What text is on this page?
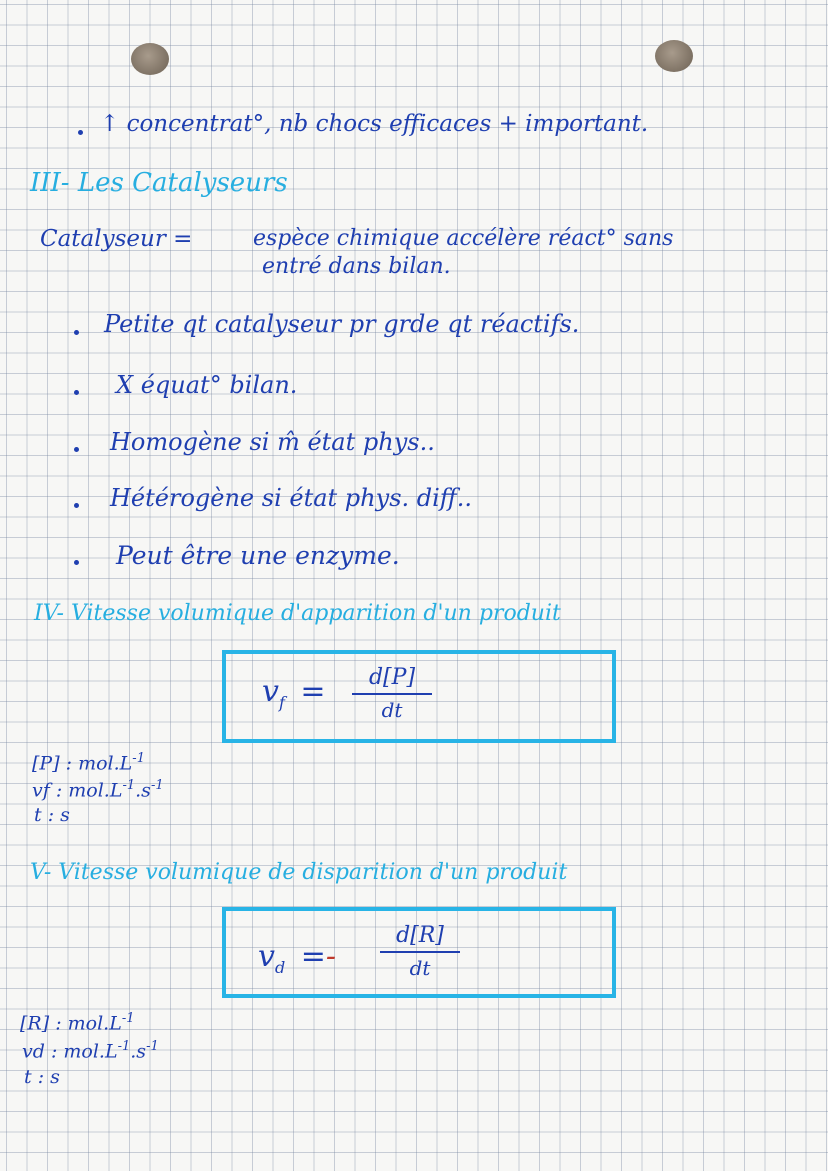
↑ concentrat°, nb chocs efficaces + important.
III- Les Catalyseurs
Catalyseur =	espèce chimique accélère réact° sans
entré dans bilan.
Petite qt catalyseur pr grde qt réactifs.
X équat° bilan.
Homogène si m̂ état phys..
Hétérogène si état phys. diff..
Peut être une enzyme.
IV- Vitesse volumique d'apparition d'un produit
$v_f = d[P]$
dt
[P] : $mol.L^{-1}$
vf : $mol.L^{-1}.s^{-1}$
t : s
V- Vitesse volumique de disparition d'un produit
$v_d$ =-
d[R]
dt
[R] : $mol.L^{-1}$
vd : $mol.L^{-1}.s^{-1}$
t : s
